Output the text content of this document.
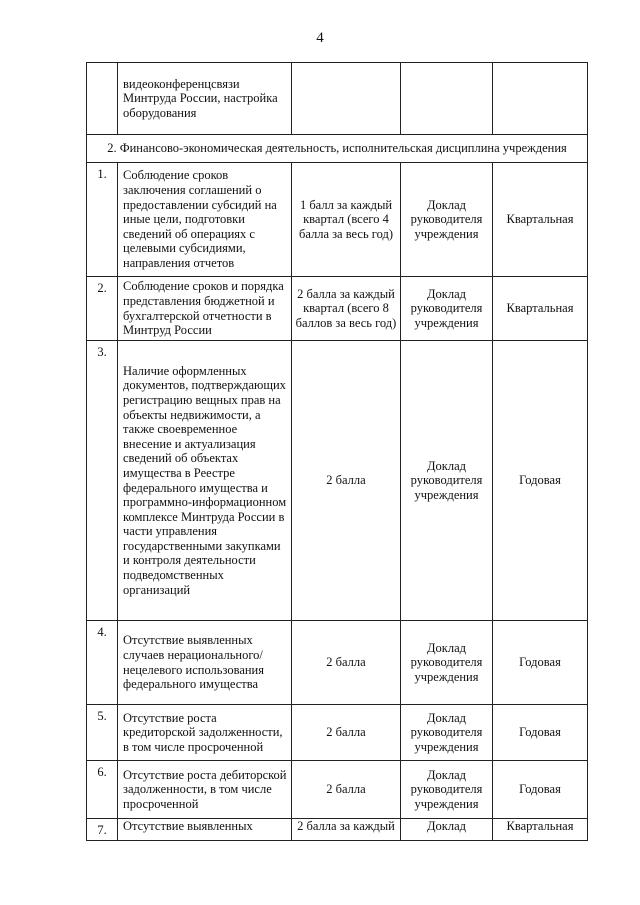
4
	видеоконференцсвязи Минтруда России, настройка оборудования			
2. Финансово-экономическая деятельность, исполнительская дисциплина учреждения				
1.	Соблюдение сроков заключения соглашений о предоставлении субсидий на иные цели, подготовки сведений об операциях с целевыми субсидиями, направления отчетов	1 балл за каждый квартал (всего 4 балла за весь год)	Доклад руководителя учреждения	Квартальная
2.	Соблюдение сроков и порядка представления бюджетной и бухгалтерской отчетности в Минтруд России	2 балла за каждый квартал (всего 8 баллов за весь год)	Доклад руководителя учреждения	Квартальная
3.	Наличие оформленных документов, подтверждающих регистрацию вещных прав на объекты недвижимости, а также своевременное внесение и актуализация сведений об объектах имущества в Реестре федерального имущества и программно-информационном комплексе Минтруда России в части управления государственными закупками и контроля деятельности подведомственных организаций	2 балла	Доклад руководителя учреждения	Годовая
4.	Отсутствие выявленных случаев нерационального/нецелевого использования федерального имущества	2 балла	Доклад руководителя учреждения	Годовая
5.	Отсутствие роста кредиторской задолженности, в том числе просроченной	2 балла	Доклад руководителя учреждения	Годовая
6.	Отсутствие роста дебиторской задолженности, в том числе просроченной	2 балла	Доклад руководителя учреждения	Годовая
7.	Отсутствие выявленных	2 балла за каждый	Доклад	Квартальная
